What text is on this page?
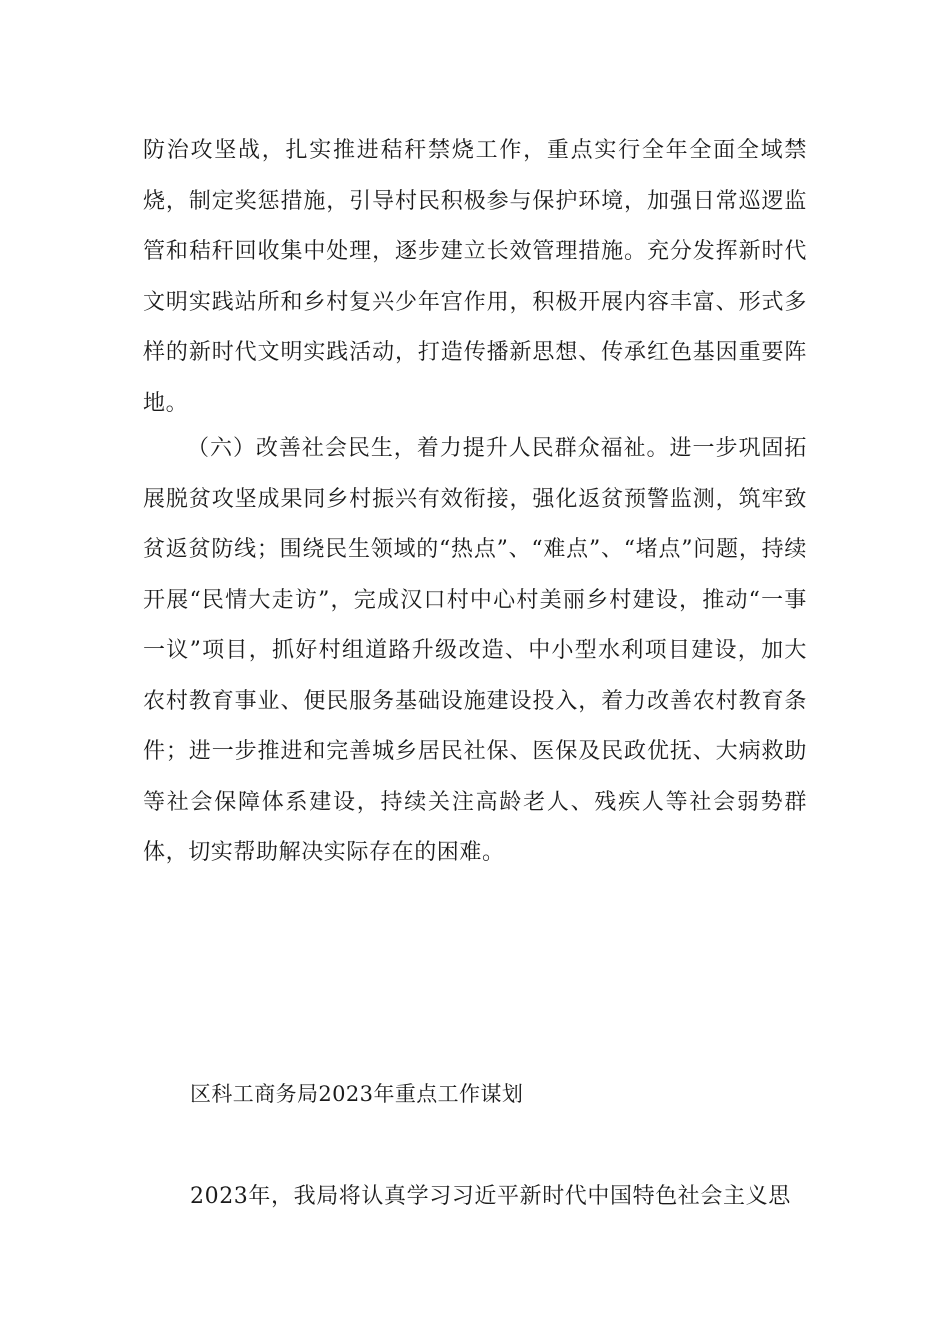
防治攻坚战，扎实推进秸秆禁烧工作，重点实行全年全面全域禁烧，制定奖惩措施，引导村民积极参与保护环境，加强日常巡逻监管和秸秆回收集中处理，逐步建立长效管理措施。充分发挥新时代文明实践站所和乡村复兴少年宫作用，积极开展内容丰富、形式多样的新时代文明实践活动，打造传播新思想、传承红色基因重要阵地。

（六）改善社会民生，着力提升人民群众福祉。进一步巩固拓展脱贫攻坚成果同乡村振兴有效衔接，强化返贫预警监测，筑牢致贫返贫防线；围绕民生领域的“热点”、“难点”、“堵点”问题，持续开展“民情大走访”，完成汉口村中心村美丽乡村建设，推动“一事一议”项目，抓好村组道路升级改造、中小型水利项目建设，加大农村教育事业、便民服务基础设施建设投入，着力改善农村教育条件；进一步推进和完善城乡居民社保、医保及民政优抚、大病救助等社会保障体系建设，持续关注高龄老人、残疾人等社会弱势群体，切实帮助解决实际存在的困难。

区科工商务局2023年重点工作谋划

2023年，我局将认真学习习近平新时代中国特色社会主义思
